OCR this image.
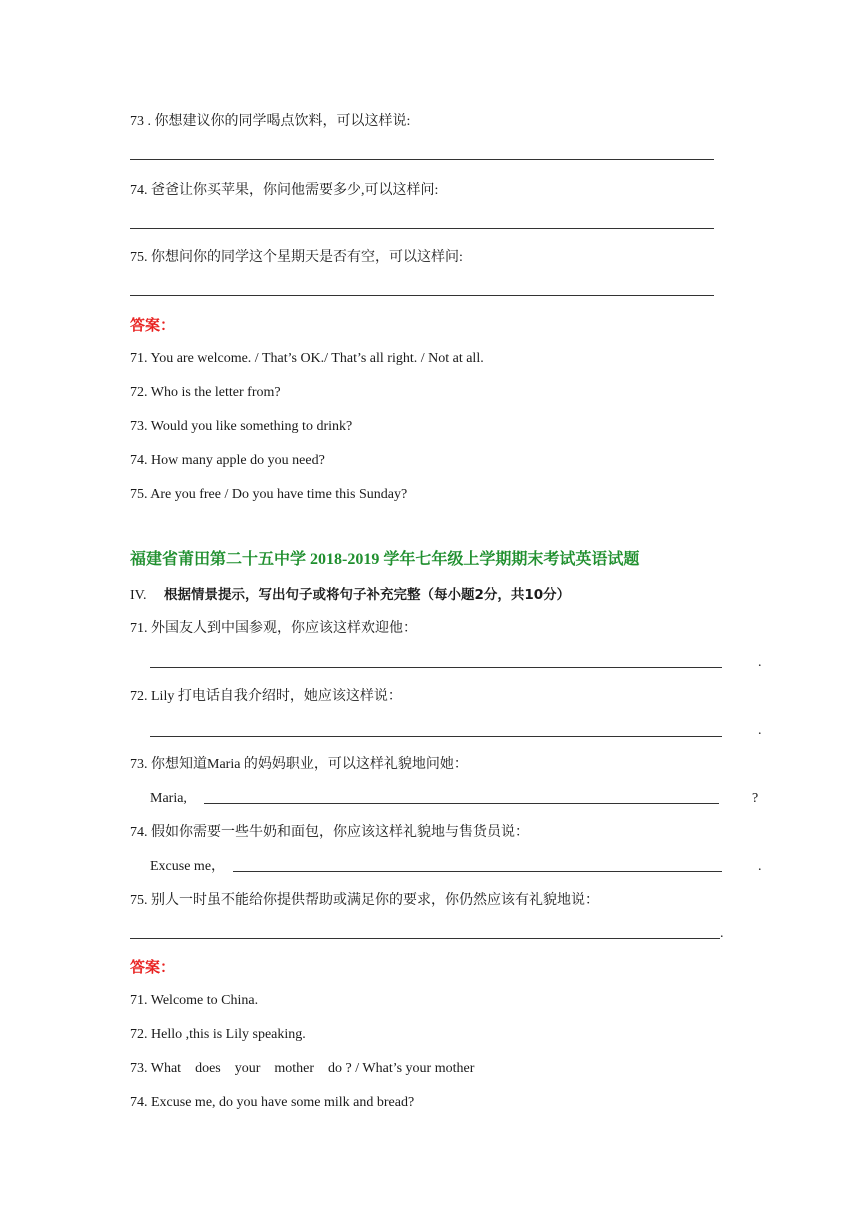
73 . 你想建议你的同学喝点饮料，可以这样说:
74. 爸爸让你买苹果，你问他需要多少,可以这样问:
75. 你想问你的同学这个星期天是否有空，可以这样问:
答案：
71. You are welcome. / That’s OK./ That’s all right. / Not at all.
72. Who is the letter from?
73. Would you like something to drink?
74. How many apple do you need?
75. Are you free / Do you have time this Sunday?
福建省莆田第二十五中学 2018-2019 学年七年级上学期期末考试英语试题
IV. 根据情景提示，写出句子或将句子补充完整（每小题2分，共10分）
71. 外国友人到中国参观，你应该这样欢迎他：
.
72. Lily 打电话自我介绍时，她应该这样说：
.
73. 你想知道Maria 的妈妈职业，可以这样礼貌地问她：
Maria,	?
74. 假如你需要一些牛奶和面包，你应该这样礼貌地与售货员说：
Excuse me，	.
75. 别人一时虽不能给你提供帮助或满足你的要求，你仍然应该有礼貌地说：
.
答案：
71. Welcome to China.
72. Hello ,this is Lily speaking.
73. What    does    your    mother    do ? / What’s your mother
74. Excuse me, do you have some milk and bread?
